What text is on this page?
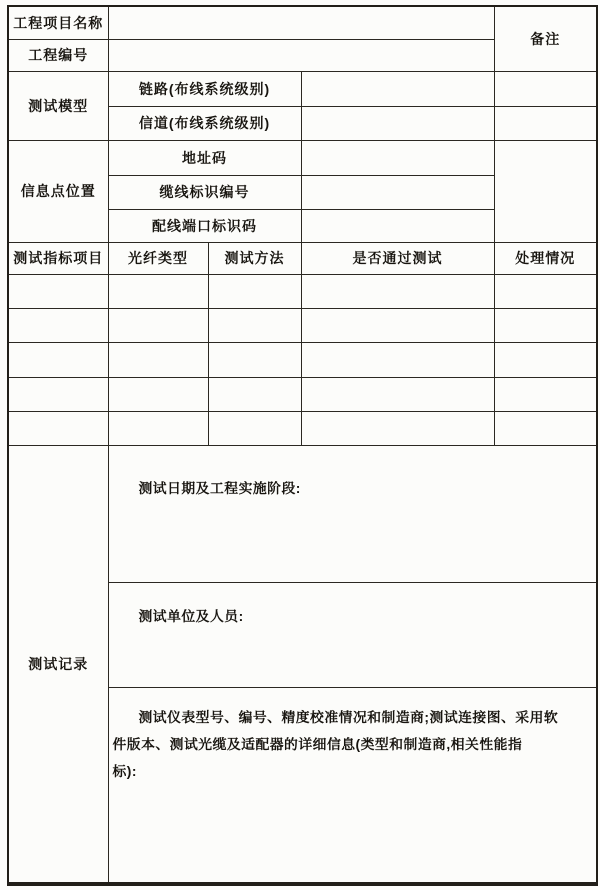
工程项目名称				备注
工程编号				
测试模型	链路(布线系统级别)			
	信道(布线系统级别)			
信息点位置	地址码			
	缆线标识编号			
	配线端口标识码			
测试指标项目	光纤类型	测试方法	是否通过测试	处理情况

测试记录	测试日期及工程实施阶段:			
	测试单位及人员:			
	测试仪表型号、编号、精度校准情况和制造商;测试连接图、采用软
件版本、测试光缆及适配器的详细信息(类型和制造商,相关性能指
标):			
